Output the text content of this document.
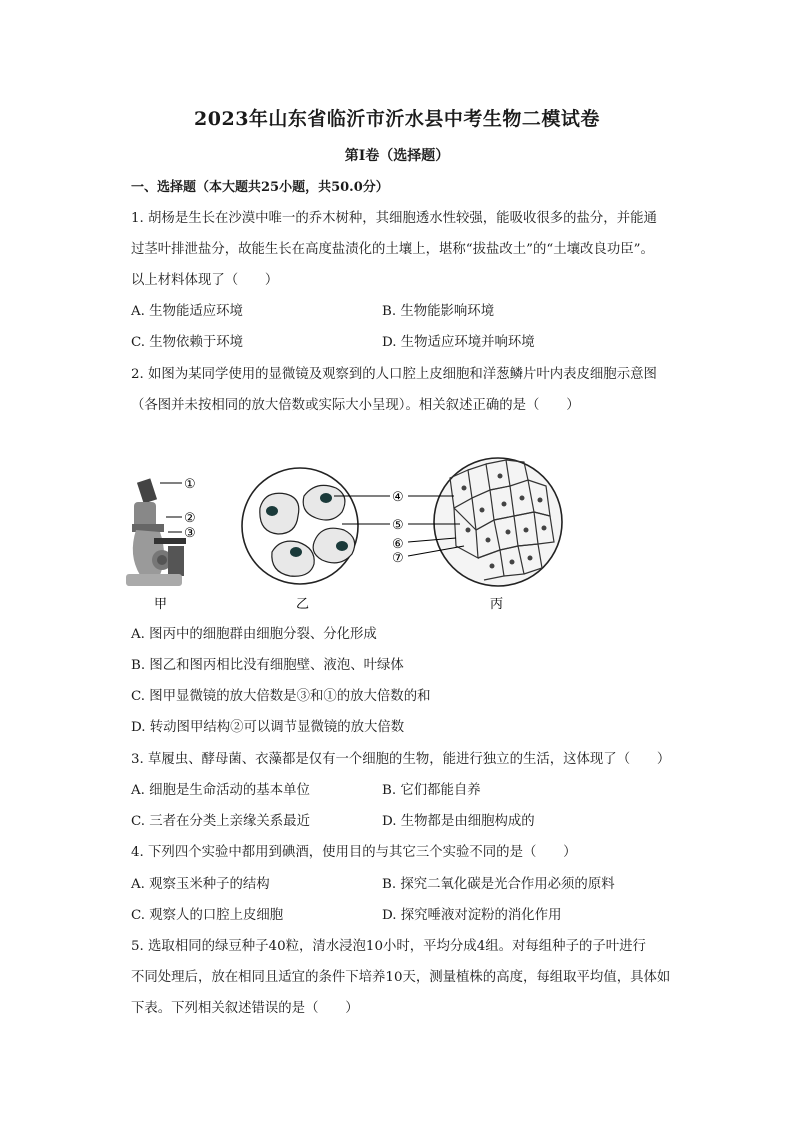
2023年山东省临沂市沂水县中考生物二模试卷
第I卷（选择题）
一、选择题（本大题共25小题，共50.0分）
1. 胡杨是生长在沙漠中唯一的乔木树种，其细胞透水性较强，能吸收很多的盐分，并能通
过茎叶排泄盐分，故能生长在高度盐渍化的土壤上，堪称“拔盐改土”的“土壤改良功臣”。
以上材料体现了（　　）
A. 生物能适应环境	B. 生物能影响环境
C. 生物依赖于环境	D. 生物适应环境并响环境
2. 如图为某同学使用的显微镜及观察到的人口腔上皮细胞和洋葱鳞片叶内表皮细胞示意图
（各图并未按相同的放大倍数或实际大小呈现）。相关叙述正确的是（　　）
①
②
③
④
⑤
⑥
⑦
甲	乙	丙
A. 图丙中的细胞群由细胞分裂、分化形成
B. 图乙和图丙相比没有细胞壁、液泡、叶绿体
C. 图甲显微镜的放大倍数是③和①的放大倍数的和
D. 转动图甲结构②可以调节显微镜的放大倍数
3. 草履虫、酵母菌、衣藻都是仅有一个细胞的生物，能进行独立的生活，这体现了（　　）
A. 细胞是生命活动的基本单位	B. 它们都能自养
C. 三者在分类上亲缘关系最近	D. 生物都是由细胞构成的
4. 下列四个实验中都用到碘酒，使用目的与其它三个实验不同的是（　　）
A. 观察玉米种子的结构	B. 探究二氧化碳是光合作用必须的原料
C. 观察人的口腔上皮细胞	D. 探究唾液对淀粉的消化作用
5. 选取相同的绿豆种子40粒，清水浸泡10小时，平均分成4组。对每组种子的子叶进行
不同处理后，放在相同且适宜的条件下培养10天，测量植株的高度，每组取平均值，具体如
下表。下列相关叙述错误的是（　　）
